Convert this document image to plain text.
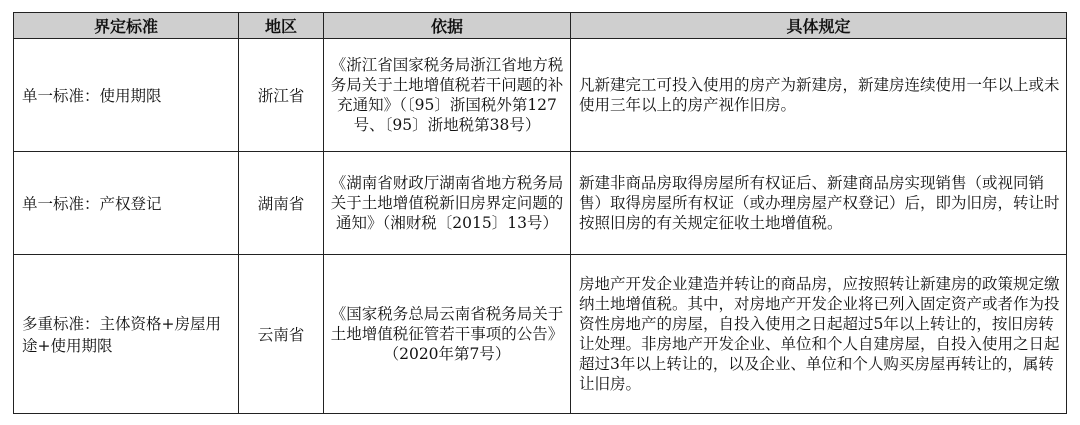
界定标准	地区	依据	具体规定
单一标准：使用期限	浙江省	《浙江省国家税务局浙江省地方税务局关于土地增值税若干问题的补充通知》（〔95〕浙国税外第127号、〔95〕浙地税第38号）	凡新建完工可投入使用的房产为新建房，新建房连续使用一年以上或未使用三年以上的房产视作旧房。
单一标准：产权登记	湖南省	《湖南省财政厅湖南省地方税务局关于土地增值税新旧房界定问题的通知》（湘财税〔2015〕13号）	新建非商品房取得房屋所有权证后、新建商品房实现销售（或视同销售）取得房屋所有权证（或办理房屋产权登记）后，即为旧房，转让时按照旧房的有关规定征收土地增值税。
多重标准：主体资格+房屋用途+使用期限	云南省	《国家税务总局云南省税务局关于土地增值税征管若干事项的公告》（2020年第7号）	房地产开发企业建造并转让的商品房，应按照转让新建房的政策规定缴纳土地增值税。其中，对房地产开发企业将已列入固定资产或者作为投资性房地产的房屋，自投入使用之日起超过5年以上转让的，按旧房转让处理。非房地产开发企业、单位和个人自建房屋，自投入使用之日起超过3年以上转让的，以及企业、单位和个人购买房屋再转让的，属转让旧房。
